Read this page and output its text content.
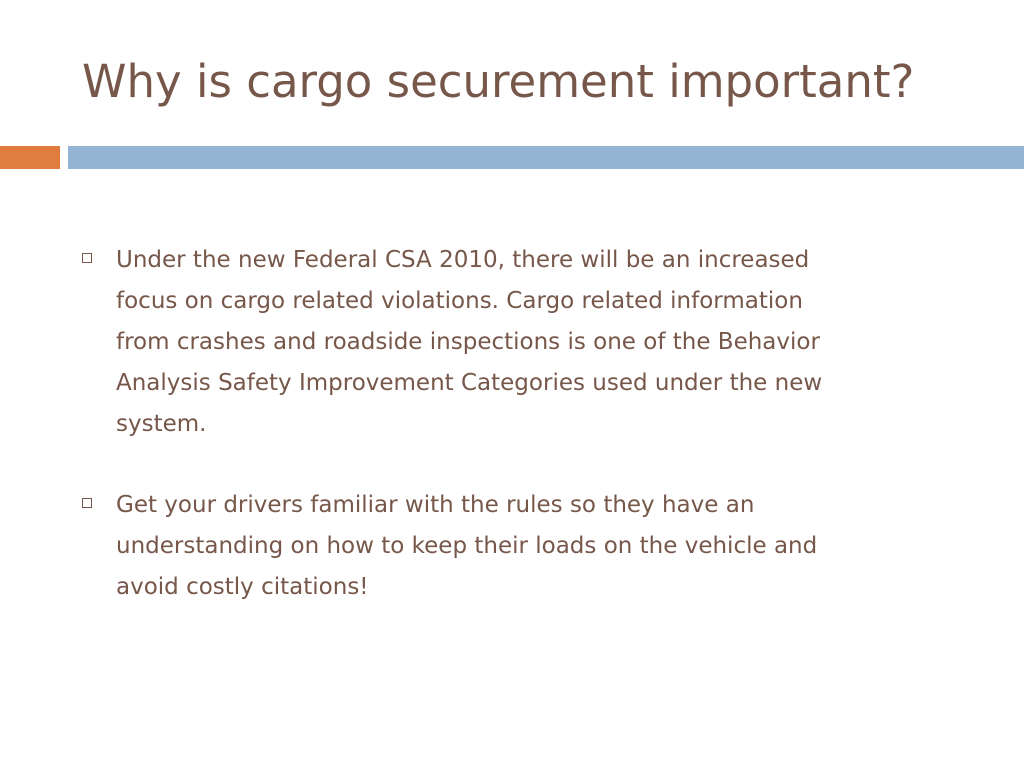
Why is cargo securement important?
Under the new Federal CSA 2010, there will be an increased
focus on cargo related violations. Cargo related information
from crashes and roadside inspections is one of the Behavior
Analysis Safety Improvement Categories used under the new
system.
Get your drivers familiar with the rules so they have an
understanding on how to keep their loads on the vehicle and
avoid costly citations!
